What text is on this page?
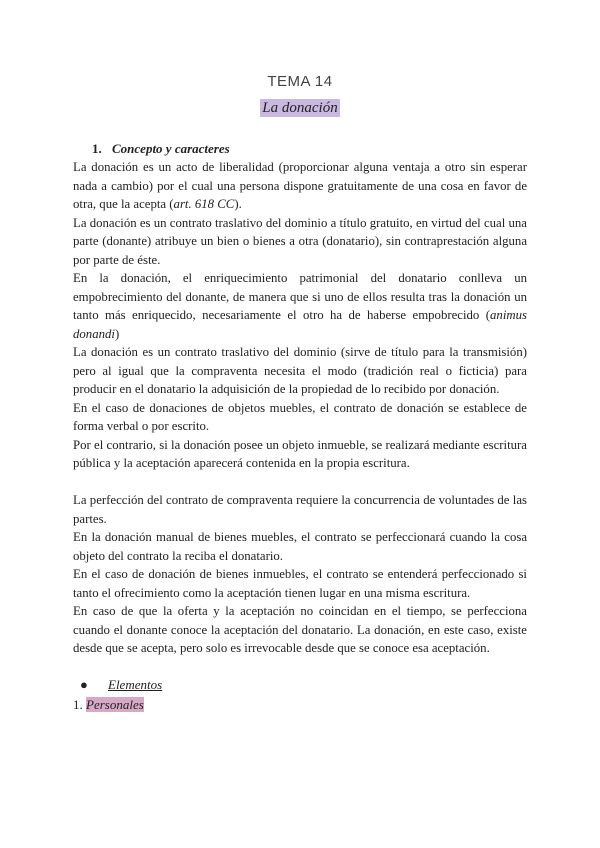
TEMA 14
La donación
1. Concepto y caracteres

La donación es un acto de liberalidad (proporcionar alguna ventaja a otro sin esperar nada a cambio) por el cual una persona dispone gratuitamente de una cosa en favor de otra, que la acepta (art. 618 CC).

La donación es un contrato traslativo del dominio a título gratuito, en virtud del cual una parte (donante) atribuye un bien o bienes a otra (donatario), sin contraprestación alguna por parte de éste.

En la donación, el enriquecimiento patrimonial del donatario conlleva un empobrecimiento del donante, de manera que si uno de ellos resulta tras la donación un tanto más enriquecido, necesariamente el otro ha de haberse empobrecido (animus donandi)

La donación es un contrato traslativo del dominio (sirve de título para la transmisión) pero al igual que la compraventa necesita el modo (tradición real o ficticia) para producir en el donatario la adquisición de la propiedad de lo recibido por donación.

En el caso de donaciones de objetos muebles, el contrato de donación se establece de forma verbal o por escrito.

Por el contrario, si la donación posee un objeto inmueble, se realizará mediante escritura pública y la aceptación aparecerá contenida en la propia escritura.

La perfección del contrato de compraventa requiere la concurrencia de voluntades de las partes.

En la donación manual de bienes muebles, el contrato se perfeccionará cuando la cosa objeto del contrato la reciba el donatario.

En el caso de donación de bienes inmuebles, el contrato se entenderá perfeccionado si tanto el ofrecimiento como la aceptación tienen lugar en una misma escritura.

En caso de que la oferta y la aceptación no coincidan en el tiempo, se perfecciona cuando el donante conoce la aceptación del donatario. La donación, en este caso, existe desde que se acepta, pero solo es irrevocable desde que se conoce esa aceptación.

● Elementos
1. Personales
